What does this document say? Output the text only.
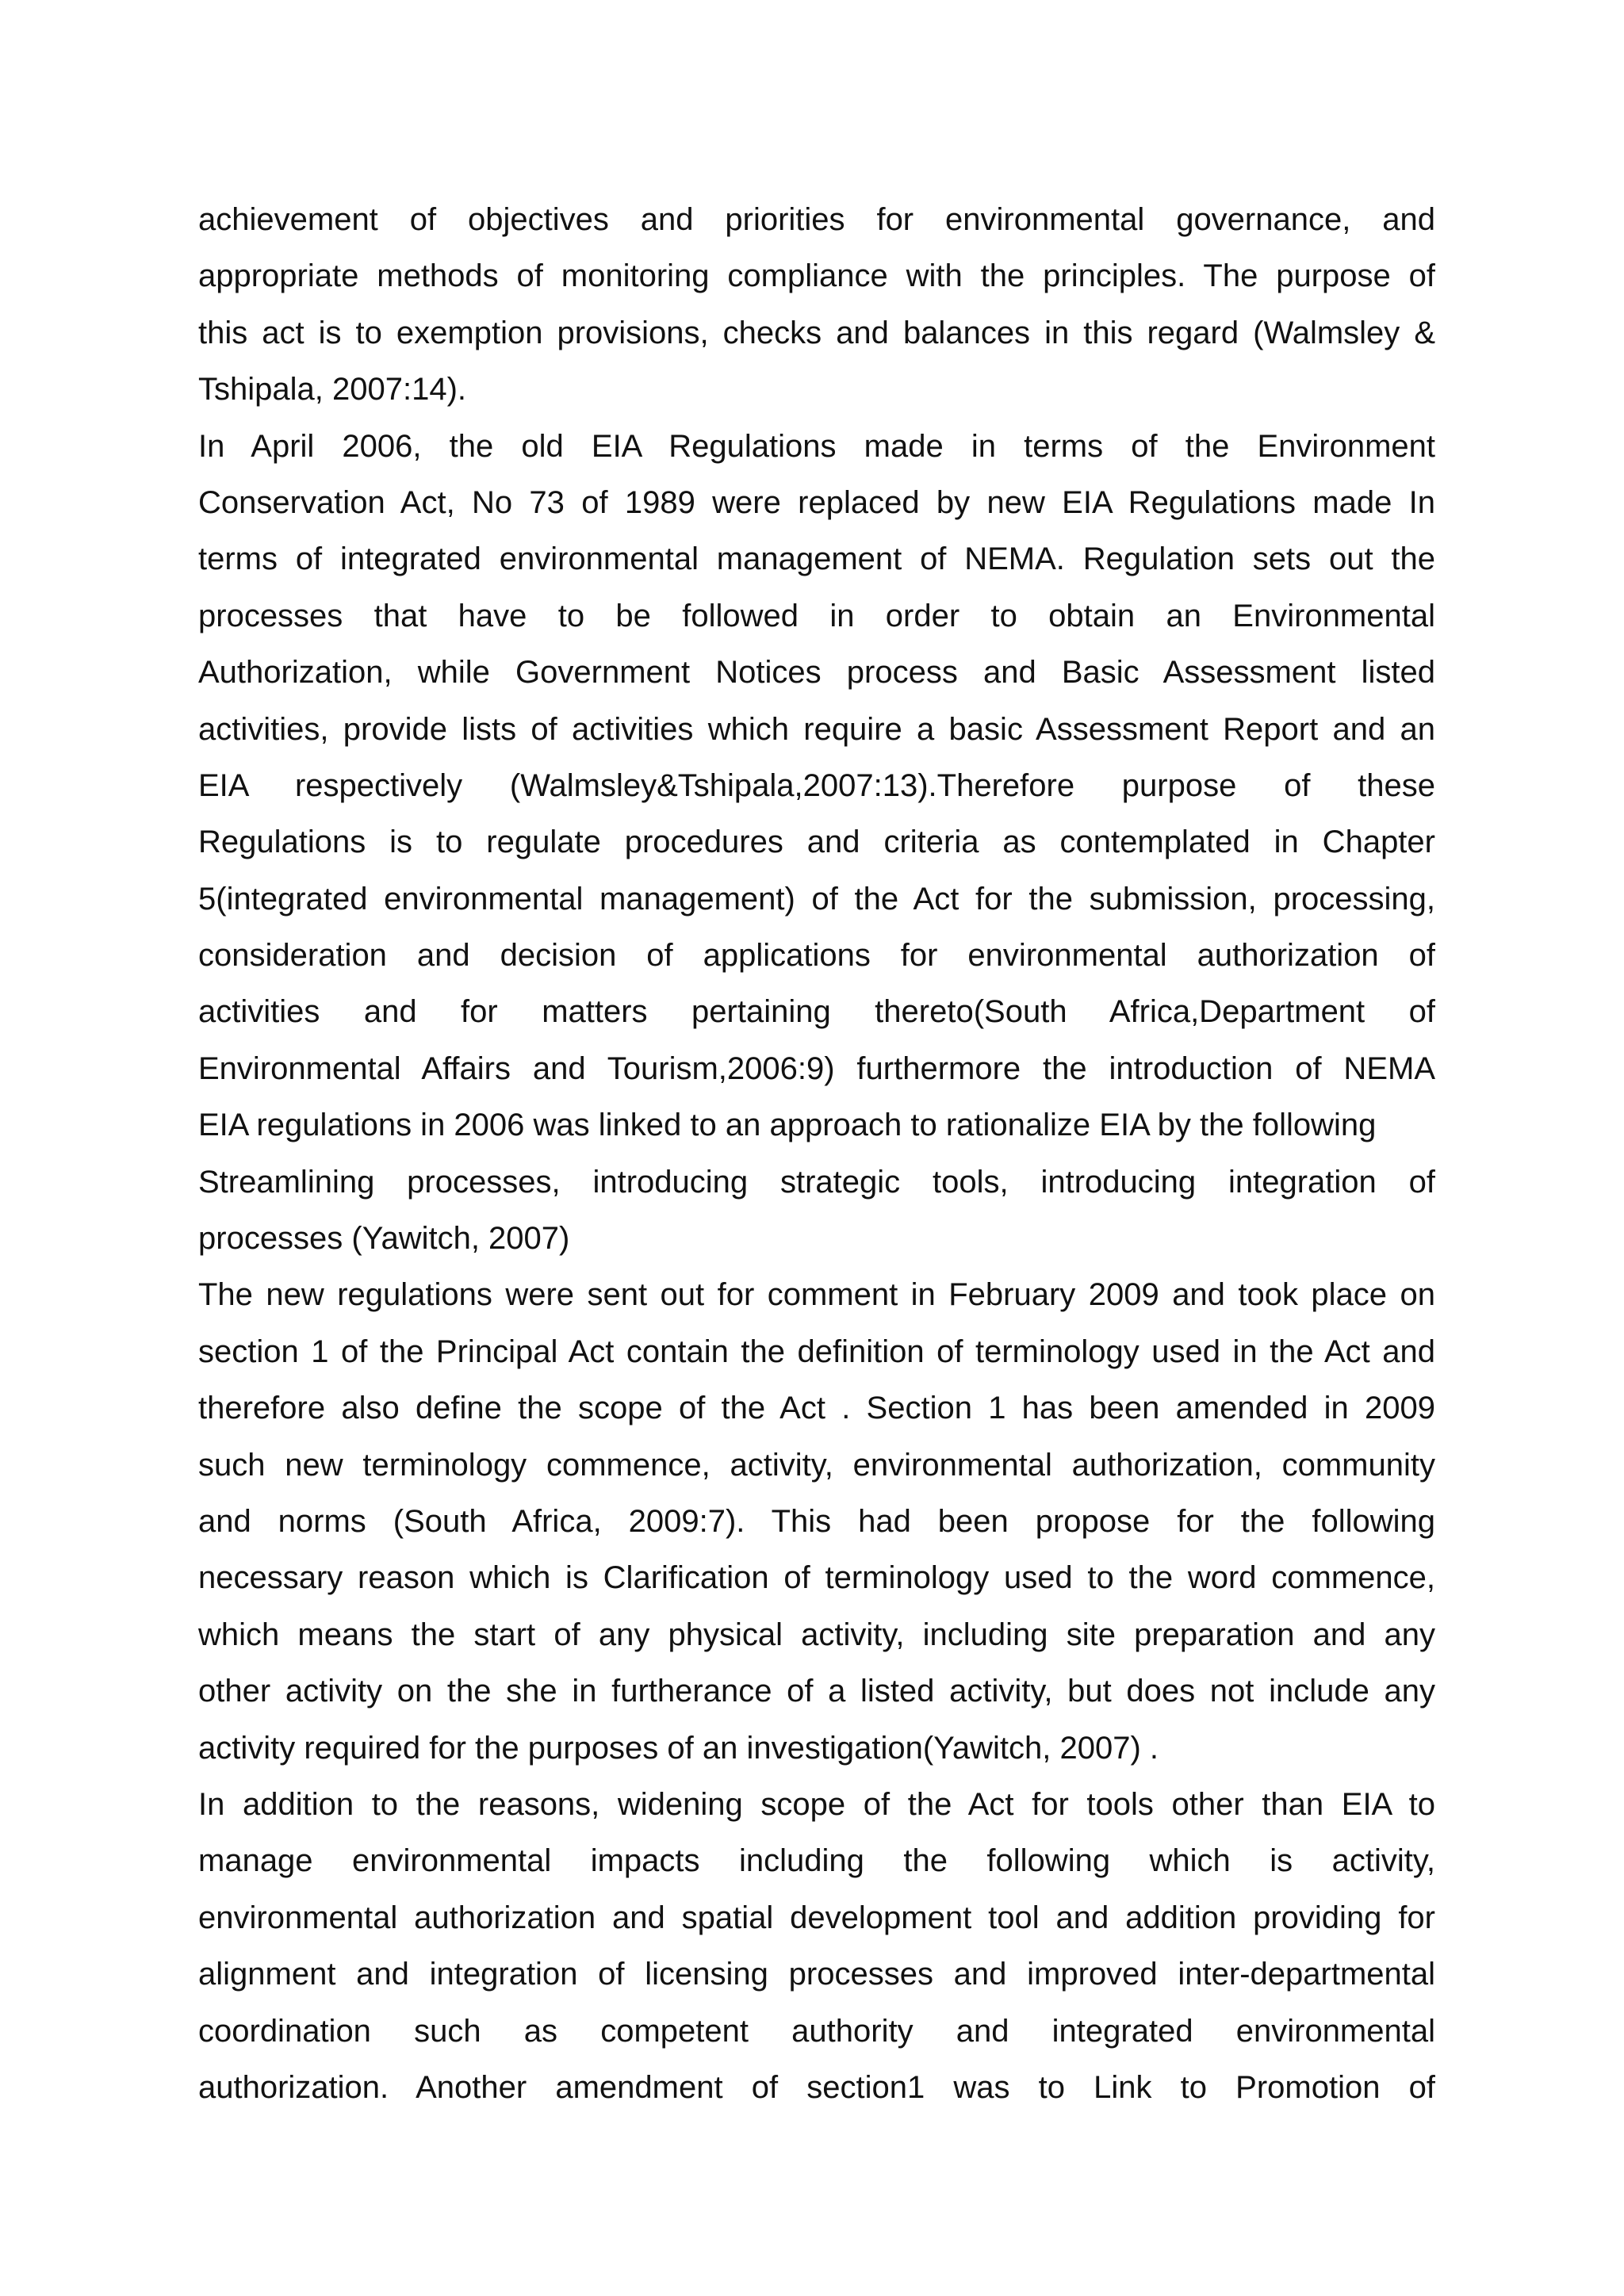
achievement of objectives and priorities for environmental governance, and
appropriate methods of monitoring compliance with the principles. The purpose of
this act is to exemption provisions, checks and balances in this regard (Walmsley &
Tshipala, 2007:14).
In April 2006, the old EIA Regulations made in terms of the Environment
Conservation Act, No 73 of 1989 were replaced by new EIA Regulations made In
terms of integrated environmental management of NEMA. Regulation sets out the
processes that have to be followed in order to obtain an Environmental
Authorization, while Government Notices process and Basic Assessment listed
activities, provide lists of activities which require a basic Assessment Report and an
EIA respectively (Walmsley&Tshipala,2007:13).Therefore purpose of these
Regulations is to regulate procedures and criteria as contemplated in Chapter
5(integrated environmental management) of the Act for the submission, processing,
consideration and decision of applications for environmental authorization of
activities and for matters pertaining thereto(South Africa,Department of
Environmental Affairs and Tourism,2006:9) furthermore the introduction of NEMA
EIA regulations in 2006 was linked to an approach to rationalize EIA by the following
Streamlining processes, introducing strategic tools, introducing integration of
processes (Yawitch, 2007)
The new regulations were sent out for comment in February 2009 and took place on
section 1 of the Principal Act contain the definition of terminology used in the Act and
therefore also define the scope of the Act . Section 1 has been amended in 2009
such new terminology commence, activity, environmental authorization, community
and norms (South Africa, 2009:7). This had been propose for the following
necessary reason which is Clarification of terminology used to the word commence,
which means the start of any physical activity, including site preparation and any
other activity on the she in furtherance of a listed activity, but does not include any
activity required for the purposes of an investigation(Yawitch, 2007) .
In addition to the reasons, widening scope of the Act for tools other than EIA to
manage environmental impacts including the following which is activity,
environmental authorization and spatial development tool and addition providing for
alignment and integration of licensing processes and improved inter-departmental
coordination such as competent authority and integrated environmental
authorization. Another amendment of section1 was to Link to Promotion of
